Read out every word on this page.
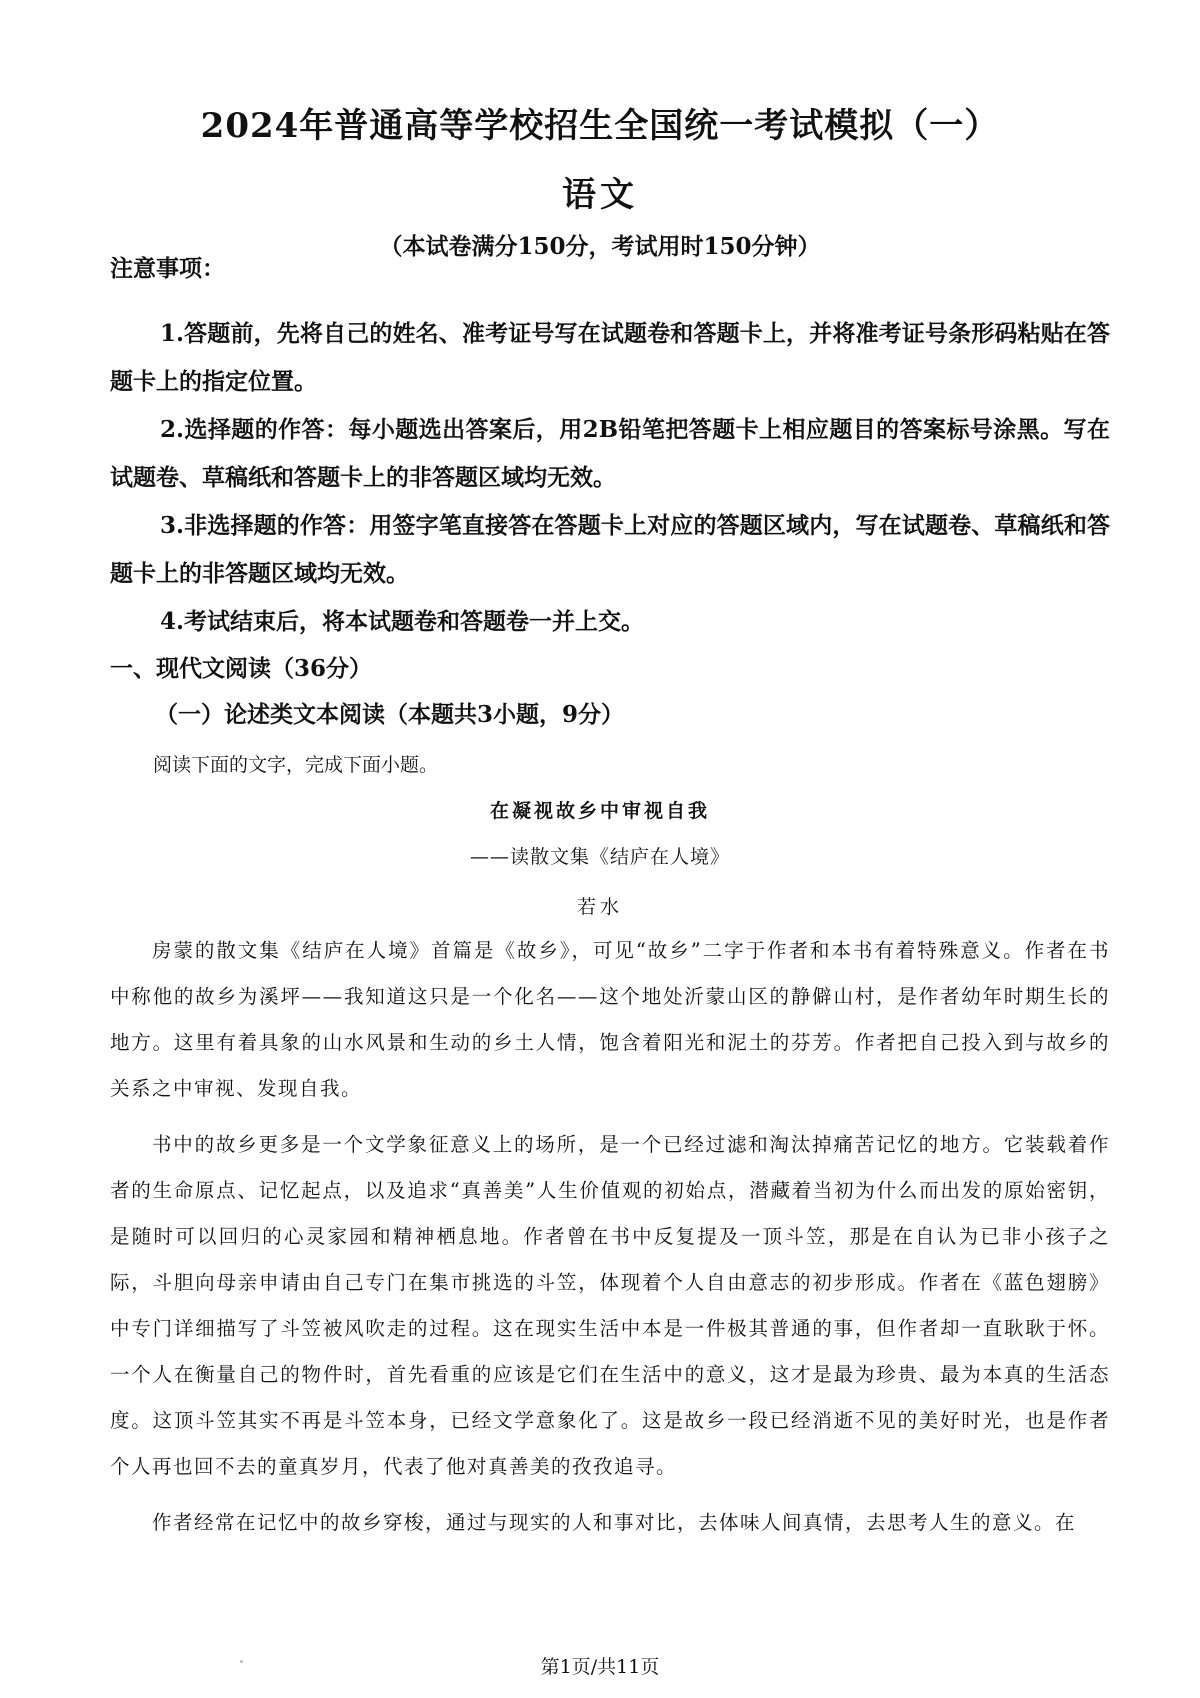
2024年普通高等学校招生全国统一考试模拟（一）
语文
（本试卷满分150分，考试用时150分钟）
注意事项：

1.答题前，先将自己的姓名、准考证号写在试题卷和答题卡上，并将准考证号条形码粘贴在答题卡上的指定位置。

2.选择题的作答：每小题选出答案后，用2B铅笔把答题卡上相应题目的答案标号涂黑。写在试题卷、草稿纸和答题卡上的非答题区域均无效。

3.非选择题的作答：用签字笔直接答在答题卡上对应的答题区域内，写在试题卷、草稿纸和答题卡上的非答题区域均无效。

4.考试结束后，将本试题卷和答题卷一并上交。

一、现代文阅读（36分）
（一）论述类文本阅读（本题共3小题，9分）
阅读下面的文字，完成下面小题。
在凝视故乡中审视自我
——读散文集《结庐在人境》
若水

房蒙的散文集《结庐在人境》首篇是《故乡》，可见“故乡”二字于作者和本书有着特殊意义。作者在书中称他的故乡为溪坪——我知道这只是一个化名——这个地处沂蒙山区的静僻山村，是作者幼年时期生长的地方。这里有着具象的山水风景和生动的乡土人情，饱含着阳光和泥土的芬芳。作者把自己投入到与故乡的关系之中审视、发现自我。

书中的故乡更多是一个文学象征意义上的场所，是一个已经过滤和淘汰掉痛苦记忆的地方。它装载着作者的生命原点、记忆起点，以及追求“真善美”人生价值观的初始点，潜藏着当初为什么而出发的原始密钥，是随时可以回归的心灵家园和精神栖息地。作者曾在书中反复提及一顶斗笠，那是在自认为已非小孩子之际，斗胆向母亲申请由自己专门在集市挑选的斗笠，体现着个人自由意志的初步形成。作者在《蓝色翅膀》中专门详细描写了斗笠被风吹走的过程。这在现实生活中本是一件极其普通的事，但作者却一直耿耿于怀。一个人在衡量自己的物件时，首先看重的应该是它们在生活中的意义，这才是最为珍贵、最为本真的生活态度。这顶斗笠其实不再是斗笠本身，已经文学意象化了。这是故乡一段已经消逝不见的美好时光，也是作者个人再也回不去的童真岁月，代表了他对真善美的孜孜追寻。

作者经常在记忆中的故乡穿梭，通过与现实的人和事对比，去体味人间真情，去思考人生的意义。在

第1页/共11页
